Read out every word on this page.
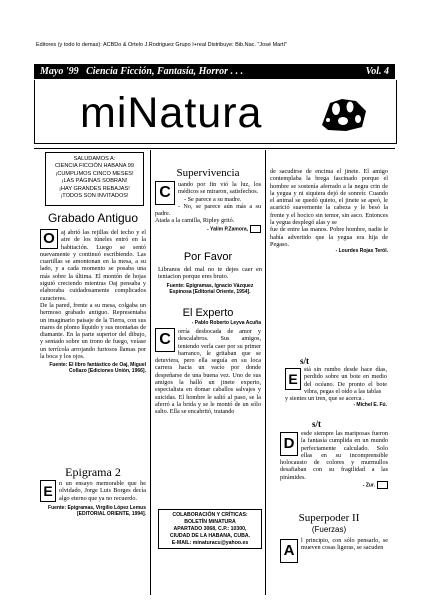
Editores (y todo lo demas): ACBDo & Ortelo J.Rodriguez Grupo I+real Distribuye: Bib.Nac. "José Martí"
Mayo '99 Ciencia Ficción, Fantasía, Horror . . .	Vol. 4
miNatura
SALUDAMOS A:
CIENCIA FICCIÓN HABANA 99
¡CUMPLIMOS CINCO MESES!
¡LAS PÁGINAS SOBRAN!
¡HAY GRANDES REBAJAS!
¡TODOS SON INVITADOS!
Grabado Antiguo
O aj abrió las rejillas del techo y el aire de los túneles entró en la habitación. Luego se sentó nuevamente y continuó escribiendo. Las cuartillas se amontonan en la mesa, a su lado, y a cada momento se posaba una más sobre la última. El montón de hojas siguió creciendo mientras Oaj pensaba y elaboraba cuidadosamente complicados caracteres.

De la pared, frente a su mesa, colgaba un hermoso grabado antiguo. Representaba un imaginario paisaje de la Tierra, con sus mares de plomo líquido y sus montañas de diamante. En la parte superior del dibujo, y sentado sobre un trono de fuego, veíase un terrícola arrojando furiosos llamas por la boca y los ojos.

Fuente: El libro fantástico de Oaj, Miguel Collazo [Ediciones Unión, 1966].
Epigrama 2
E	n un ensayo memorable que he olvidado, Jorge Luis Borges decía algo eterno que ya no recuerdo.

Fuente: Epigramas, Virgilio López Lemus [EDITORIAL ORIENTE, 1994].
Supervivencia
C	uando por fin vió la luz, los médicos se miraron, satisfechos.

- Se parece a su madre.

- No, se parece aún más a su padre.

Atada a la camilla, Ripley gritó.

- Yalím P.Zamora,
Por Favor

Libranos del mal no te dejes caer en tentacion porque eres bruto.

Fuente: Epigramas, Ignacio Vázquez Espinosa [Editorial Oriente, 1954].
El Experto
- Pablo Roberto Leyva Acuña
C	orría desbocada de amor y descalabros. Sus amigos, teniendo verla caer por su primer barranco, le gritaban que se detuviera, pero ella seguía en su loca carrera hacia un vacío por donde despeñarse de una buena vez. Uno de sus amigos la halló un jinete experto, especialista en domar caballos salvajes y suicidas. El hombre le salió al paso, se la aferró a la brida y se le montó de un sólo salto. Ella se encabritó, tratando

COLABORACIÓN Y CRÍTICAS:
BOLETÍN MiNATURA
APARTADO 3068, C.P.: 10300,
CIUDAD DE LA HABANA, CUBA.
E-MAIL: minaturacu@yahoo.es

de sacudirse de encima el jinete. El amigo contemplaba la brega fascinado porque el hombre se sostenía aferrado a la negra crin de la yegua y ni siquiera dejó de sonreír. Cuando el animal se quedó quieto, el jinete se apeó, le acarició suavemente la cabeza y le besó la frente y el hocico sin temor, sin asco. Entonces la yegua desplegó alas y se

fue de entre las manos. Pobre hombre, nadie le había advertido que la yegua era hija de Pegaso.

- Lourdes Rojas Teról.
s/t
E

stá sin rumbo desde hace días, perdido sobre un bote en medio del océano. De pronto el bote vibra, pegas el oído a las tablas

y sientes un tren, que se acerca .

- Michel E. Fú.
s/t
D

esde siempre las mariposas fueron la fantasía cumplida en un mundo perfectamente calculado. Solo ellas en su incomprensible holocausto de colores y murmullos desafiaban con su fragilidad a las pirámides.

- Zur.
Superpoder II
(Fuerzas)
A

l principio, con sólo pensarlo, se mueven cosas ligeras, se sacuden
